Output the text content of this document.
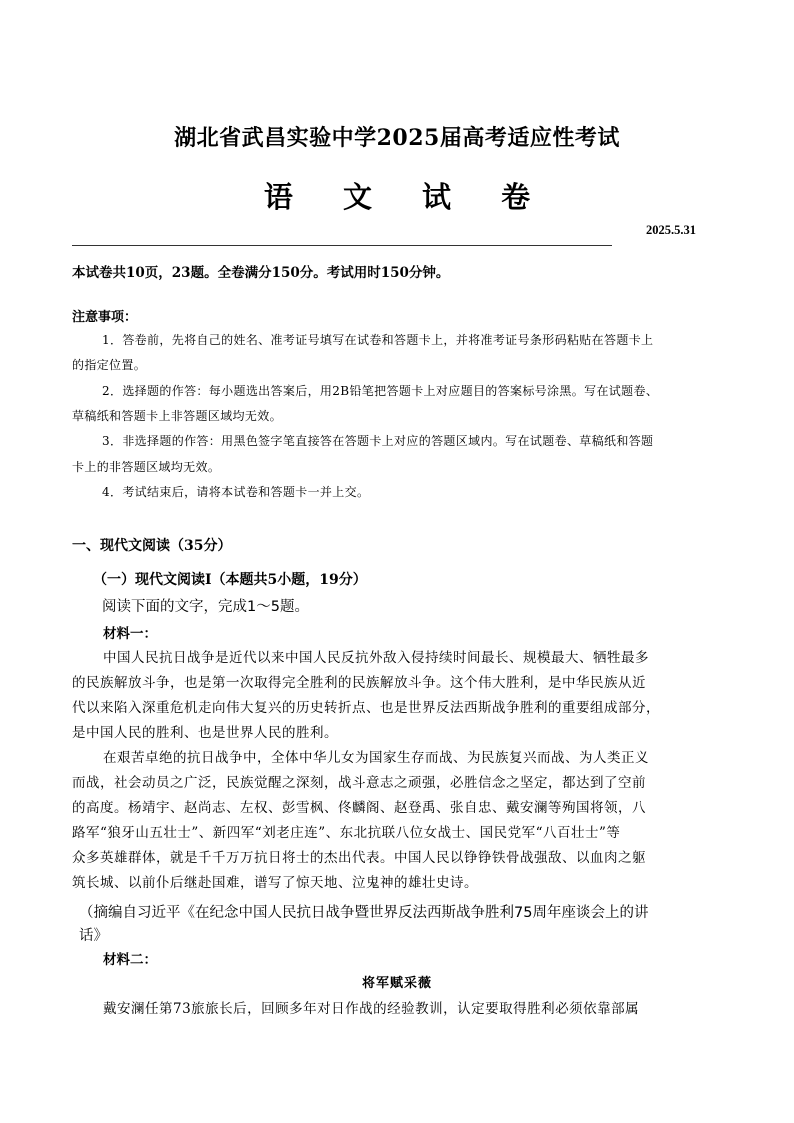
湖北省武昌实验中学2025届高考适应性考试
语 文 试 卷
2025.5.31
本试卷共10页，23题。全卷满分150分。考试用时150分钟。
注意事项：
1．答卷前，先将自己的姓名、准考证号填写在试卷和答题卡上，并将准考证号条形码粘贴在答题卡上
的指定位置。
2．选择题的作答：每小题选出答案后，用2B铅笔把答题卡上对应题目的答案标号涂黑。写在试题卷、
草稿纸和答题卡上非答题区域均无效。
3．非选择题的作答：用黑色签字笔直接答在答题卡上对应的答题区域内。写在试题卷、草稿纸和答题
卡上的非答题区域均无效。
4．考试结束后，请将本试卷和答题卡一并上交。
一、现代文阅读（35分）
（一）现代文阅读Ⅰ（本题共5小题，19分）
阅读下面的文字，完成1～5题。
材料一：
中国人民抗日战争是近代以来中国人民反抗外敌入侵持续时间最长、规模最大、牺牲最多
的民族解放斗争，也是第一次取得完全胜利的民族解放斗争。这个伟大胜利，是中华民族从近
代以来陷入深重危机走向伟大复兴的历史转折点、也是世界反法西斯战争胜利的重要组成部分，
是中国人民的胜利、也是世界人民的胜利。
在艰苦卓绝的抗日战争中，全体中华儿女为国家生存而战、为民族复兴而战、为人类正义
而战，社会动员之广泛，民族觉醒之深刻，战斗意志之顽强，必胜信念之坚定，都达到了空前
的高度。杨靖宇、赵尚志、左权、彭雪枫、佟麟阁、赵登禹、张自忠、戴安澜等殉国将领，八
路军“狼牙山五壮士”、新四军“刘老庄连”、东北抗联八位女战士、国民党军“八百壮士”等
众多英雄群体，就是千千万万抗日将士的杰出代表。中国人民以铮铮铁骨战强敌、以血肉之躯
筑长城、以前仆后继赴国难，谱写了惊天地、泣鬼神的雄壮史诗。
（摘编自习近平《在纪念中国人民抗日战争暨世界反法西斯战争胜利75周年座谈会上的讲
话》
材料二：
将军赋采薇
戴安澜任第73旅旅长后，回顾多年对日作战的经验教训，认定要取得胜利必须依靠部属
